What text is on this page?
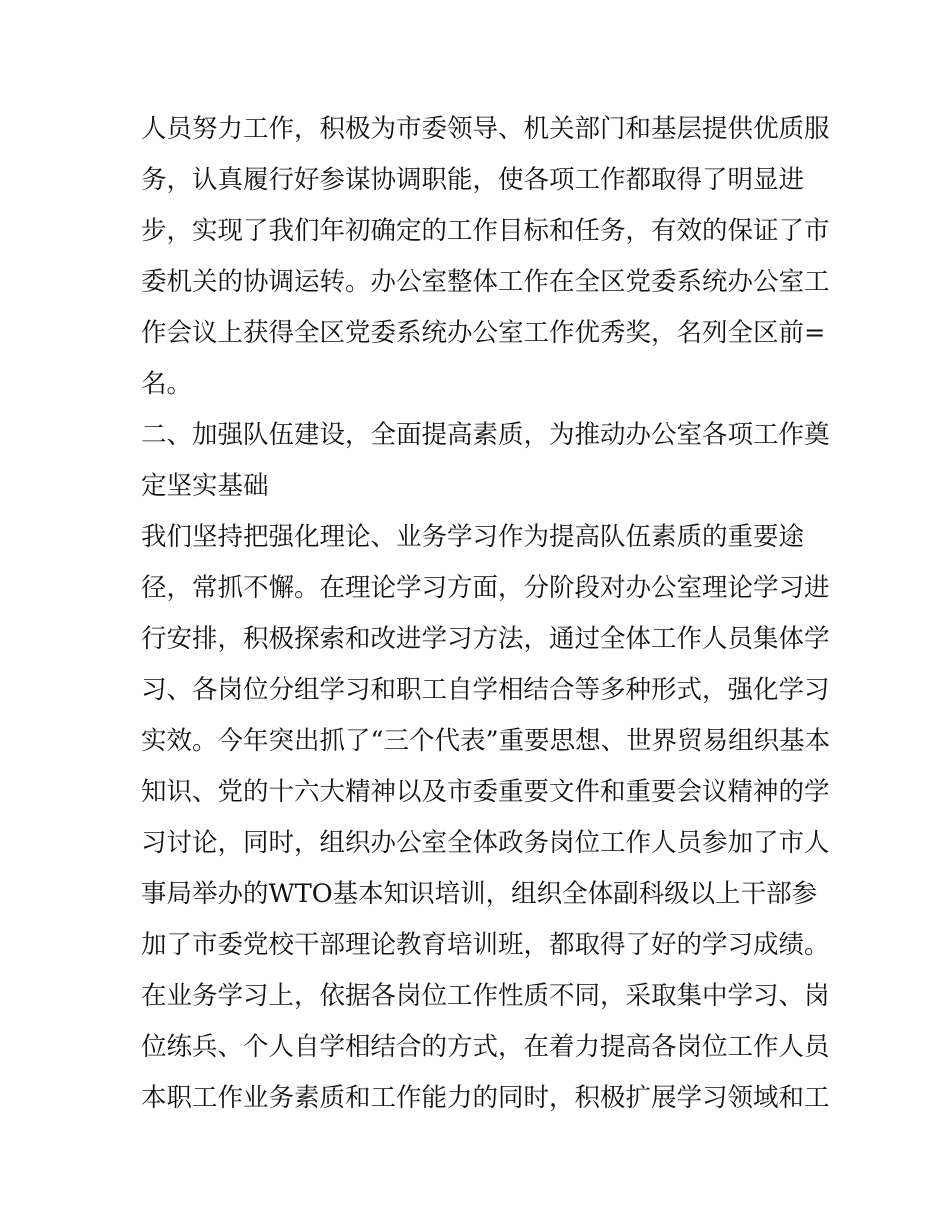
人员努力工作，积极为市委领导、机关部门和基层提供优质服
务，认真履行好参谋协调职能，使各项工作都取得了明显进
步，实现了我们年初确定的工作目标和任务，有效的保证了市
委机关的协调运转。办公室整体工作在全区党委系统办公室工
作会议上获得全区党委系统办公室工作优秀奖，名列全区前=
名。
二、加强队伍建设，全面提高素质，为推动办公室各项工作奠
定坚实基础
我们坚持把强化理论、业务学习作为提高队伍素质的重要途
径，常抓不懈。在理论学习方面，分阶段对办公室理论学习进
行安排，积极探索和改进学习方法，通过全体工作人员集体学
习、各岗位分组学习和职工自学相结合等多种形式，强化学习
实效。今年突出抓了“三个代表”重要思想、世界贸易组织基本
知识、党的十六大精神以及市委重要文件和重要会议精神的学
习讨论，同时，组织办公室全体政务岗位工作人员参加了市人
事局举办的WTO基本知识培训，组织全体副科级以上干部参
加了市委党校干部理论教育培训班，都取得了好的学习成绩。
在业务学习上，依据各岗位工作性质不同，采取集中学习、岗
位练兵、个人自学相结合的方式，在着力提高各岗位工作人员
本职工作业务素质和工作能力的同时，积极扩展学习领域和工
